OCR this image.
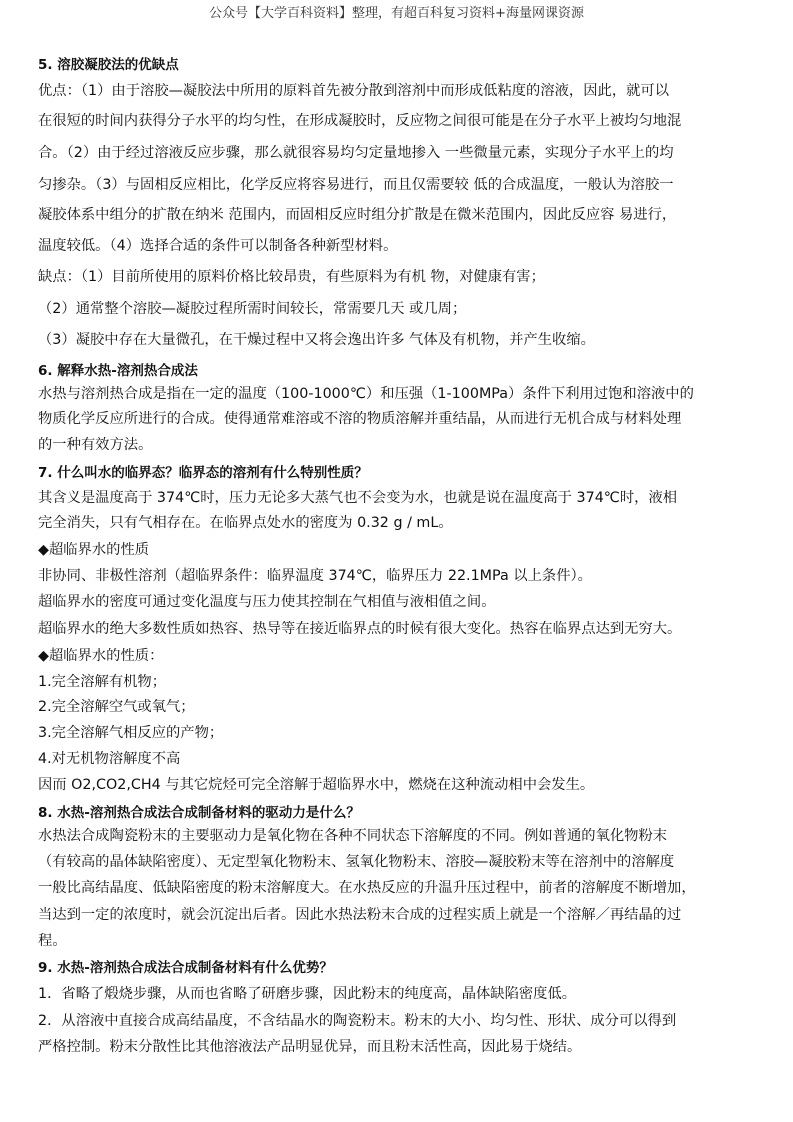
公众号【大学百科资料】整理，有超百科复习资料+海量网课资源
5. 溶胶凝胶法的优缺点
优点：（1）由于溶胶—凝胶法中所用的原料首先被分散到溶剂中而形成低粘度的溶液，因此，就可以
在很短的时间内获得分子水平的均匀性，在形成凝胶时，反应物之间很可能是在分子水平上被均匀地混
合。（2）由于经过溶液反应步骤，那么就很容易均匀定量地掺入 一些微量元素，实现分子水平上的均
匀掺杂。（3）与固相反应相比，化学反应将容易进行，而且仅需要较 低的合成温度，一般认为溶胶一
凝胶体系中组分的扩散在纳米 范围内，而固相反应时组分扩散是在微米范围内，因此反应容 易进行，
温度较低。（4）选择合适的条件可以制备各种新型材料。
缺点：（1）目前所使用的原料价格比较昂贵，有些原料为有机 物，对健康有害；
（2）通常整个溶胶—凝胶过程所需时间较长，常需要几天 或几周；
（3）凝胶中存在大量微孔，在干燥过程中又将会逸出许多 气体及有机物，并产生收缩。
6. 解释水热-溶剂热合成法
水热与溶剂热合成是指在一定的温度（100-1000℃）和压强（1-100MPa）条件下利用过饱和溶液中的
物质化学反应所进行的合成。使得通常难溶或不溶的物质溶解并重结晶，从而进行无机合成与材料处理
的一种有效方法。
7. 什么叫水的临界态？临界态的溶剂有什么特别性质？
其含义是温度高于 374℃时，压力无论多大蒸气也不会变为水，也就是说在温度高于 374℃时，液相
完全消失，只有气相存在。在临界点处水的密度为 0.32 g / mL。
◆超临界水的性质
非协同、非极性溶剂（超临界条件：临界温度 374℃，临界压力 22.1MPa 以上条件）。
超临界水的密度可通过变化温度与压力使其控制在气相值与液相值之间。
超临界水的绝大多数性质如热容、热导等在接近临界点的时候有很大变化。热容在临界点达到无穷大。
◆超临界水的性质：
1.完全溶解有机物；
2.完全溶解空气或氧气；
3.完全溶解气相反应的产物；
4.对无机物溶解度不高
因而 O2,CO2,CH4 与其它烷烃可完全溶解于超临界水中，燃烧在这种流动相中会发生。
8. 水热-溶剂热合成法合成制备材料的驱动力是什么？
水热法合成陶瓷粉末的主要驱动力是氧化物在各种不同状态下溶解度的不同。例如普通的氧化物粉末
（有较高的晶体缺陷密度）、无定型氧化物粉末、氢氧化物粉末、溶胶—凝胶粉末等在溶剂中的溶解度
一般比高结晶度、低缺陷密度的粉末溶解度大。在水热反应的升温升压过程中，前者的溶解度不断增加，
当达到一定的浓度时，就会沉淀出后者。因此水热法粉末合成的过程实质上就是一个溶解／再结晶的过
程。
9. 水热-溶剂热合成法合成制备材料有什么优势？
1．省略了煅烧步骤，从而也省略了研磨步骤，因此粉末的纯度高，晶体缺陷密度低。
2．从溶液中直接合成高结晶度，不含结晶水的陶瓷粉末。粉末的大小、均匀性、形状、成分可以得到
严格控制。粉末分散性比其他溶液法产品明显优异，而且粉末活性高，因此易于烧结。
